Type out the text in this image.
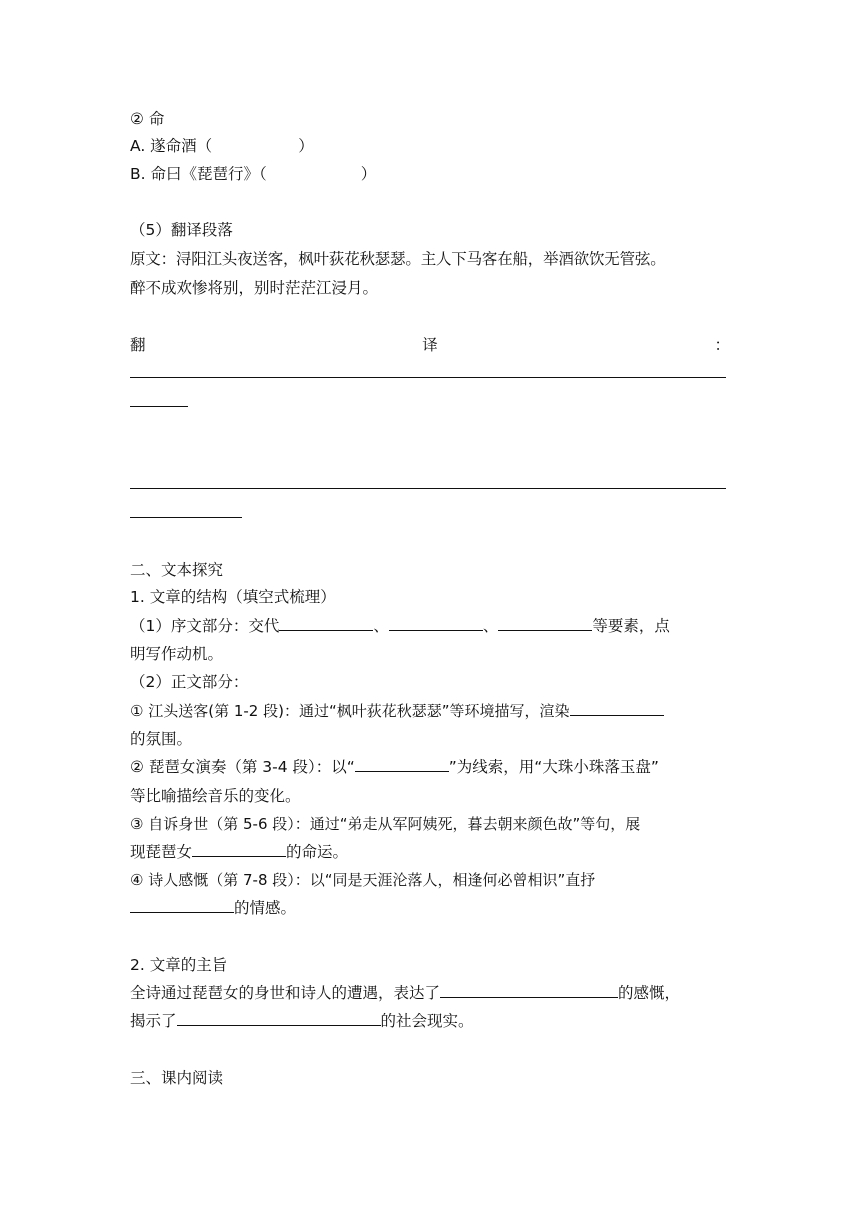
② 命
A. 遂命酒（	）
B. 命曰《琵琶行》（	）
（5）翻译段落
原文：浔阳江头夜送客，枫叶荻花秋瑟瑟。主人下马客在船，举酒欲饮无管弦。
醉不成欢惨将别，别时茫茫江浸月。
翻	译	：
二、文本探究
1. 文章的结构（填空式梳理）
（1）序文部分：交代	、	、	等要素，点
明写作动机。
（2）正文部分：
① 江头送客(第 1-2 段)：通过“枫叶荻花秋瑟瑟”等环境描写，渲染
的氛围。
② 琵琶女演奏（第 3-4 段）：以“	”为线索，用“大珠小珠落玉盘”
等比喻描绘音乐的变化。
③ 自诉身世（第 5-6 段）：通过“弟走从军阿姨死，暮去朝来颜色故”等句，展
现琵琶女	的命运。
④ 诗人感慨（第 7-8 段）：以“同是天涯沦落人，相逢何必曾相识”直抒
的情感。
2. 文章的主旨
全诗通过琵琶女的身世和诗人的遭遇，表达了	的感慨，
揭示了	的社会现实。
三、课内阅读
